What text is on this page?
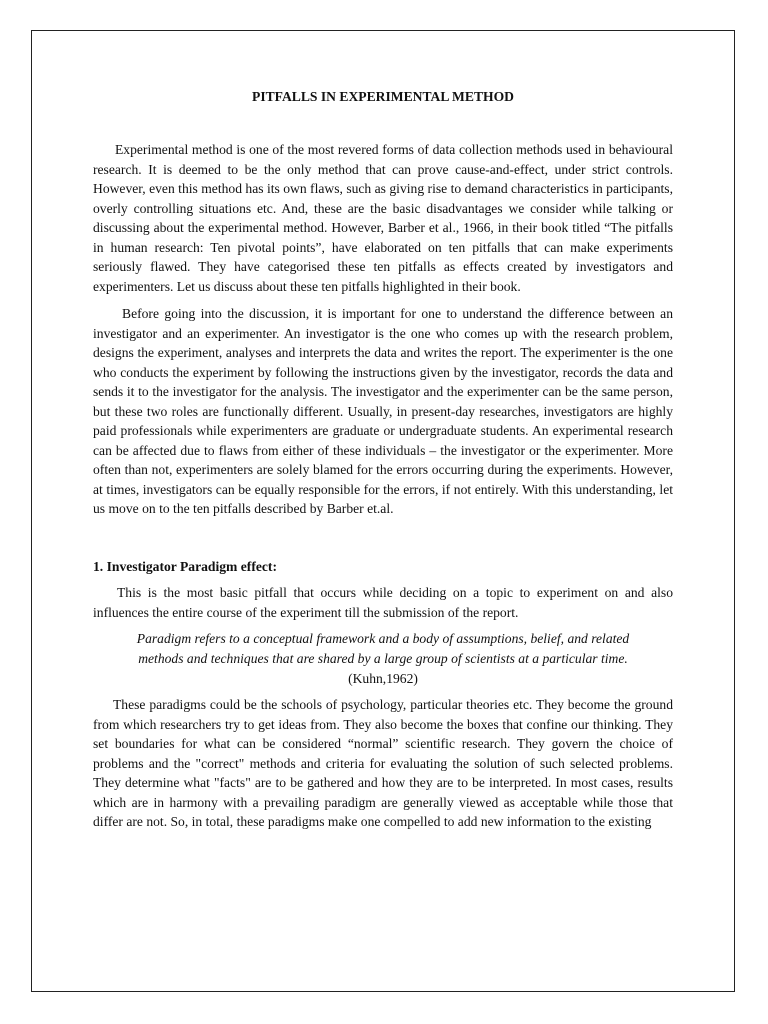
PITFALLS IN EXPERIMENTAL METHOD

Experimental method is one of the most revered forms of data collection methods used in behavioural research. It is deemed to be the only method that can prove cause-and-effect, under strict controls. However, even this method has its own flaws, such as giving rise to demand characteristics in participants, overly controlling situations etc. And, these are the basic disadvantages we consider while talking or discussing about the experimental method. However, Barber et al., 1966, in their book titled “The pitfalls in human research: Ten pivotal points”, have elaborated on ten pitfalls that can make experiments seriously flawed. They have categorised these ten pitfalls as effects created by investigators and experimenters. Let us discuss about these ten pitfalls highlighted in their book.

Before going into the discussion, it is important for one to understand the difference between an investigator and an experimenter. An investigator is the one who comes up with the research problem, designs the experiment, analyses and interprets the data and writes the report. The experimenter is the one who conducts the experiment by following the instructions given by the investigator, records the data and sends it to the investigator for the analysis. The investigator and the experimenter can be the same person, but these two roles are functionally different. Usually, in present-day researches, investigators are highly paid professionals while experimenters are graduate or undergraduate students. An experimental research can be affected due to flaws from either of these individuals – the investigator or the experimenter. More often than not, experimenters are solely blamed for the errors occurring during the experiments. However, at times, investigators can be equally responsible for the errors, if not entirely. With this understanding, let us move on to the ten pitfalls described by Barber et.al.

1. Investigator Paradigm effect:

This is the most basic pitfall that occurs while deciding on a topic to experiment on and also influences the entire course of the experiment till the submission of the report.

Paradigm refers to a conceptual framework and a body of assumptions, belief, and related methods and techniques that are shared by a large group of scientists at a particular time. (Kuhn,1962)

These paradigms could be the schools of psychology, particular theories etc. They become the ground from which researchers try to get ideas from. They also become the boxes that confine our thinking. They set boundaries for what can be considered “normal” scientific research. They govern the choice of problems and the "correct" methods and criteria for evaluating the solution of such selected problems. They determine what "facts" are to be gathered and how they are to be interpreted. In most cases, results which are in harmony with a prevailing paradigm are generally viewed as acceptable while those that differ are not. So, in total, these paradigms make one compelled to add new information to the existing
